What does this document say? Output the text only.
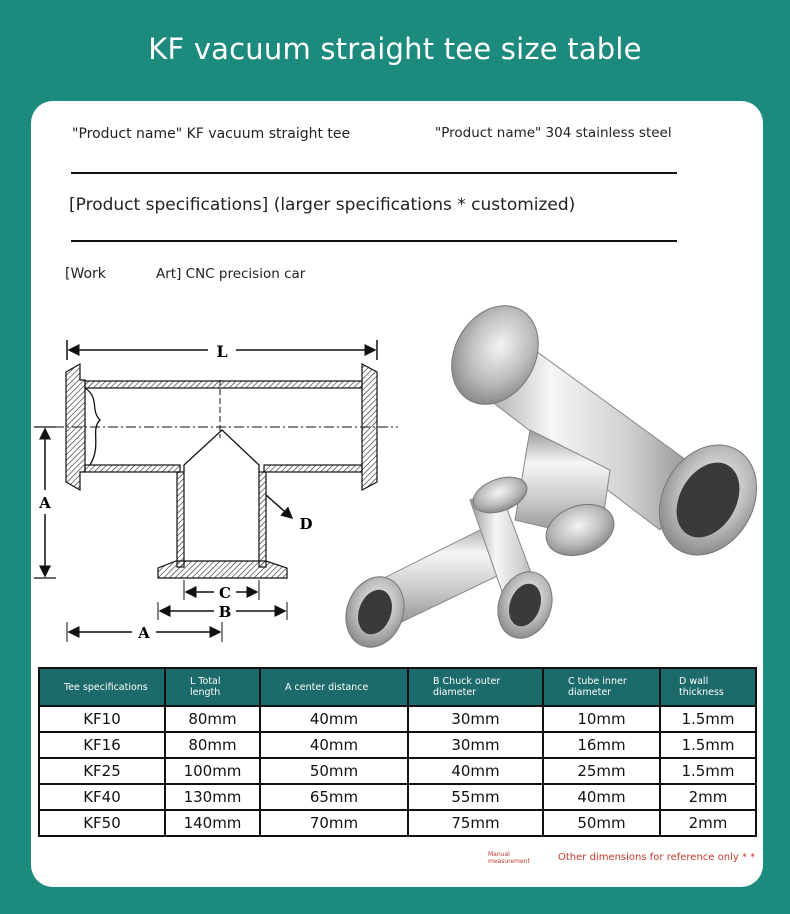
KF vacuum straight tee size table
"Product name" KF vacuum straight tee	"Product name" 304 stainless steel
[Product specifications] (larger specifications * customized)
[Work	Art] CNC precision car
L
A
D
C
B
A
Tee specifications	L Total length	A center distance	B Chuck outer diameter	C tube inner diameter	D wall thickness
KF10	80mm	40mm	30mm	10mm	1.5mm
KF16	80mm	40mm	30mm	16mm	1.5mm
KF25	100mm	50mm	40mm	25mm	1.5mm
KF40	130mm	65mm	55mm	40mm	2mm
KF50	140mm	70mm	75mm	50mm	2mm
Manual measurement	Other dimensions for reference only * *
